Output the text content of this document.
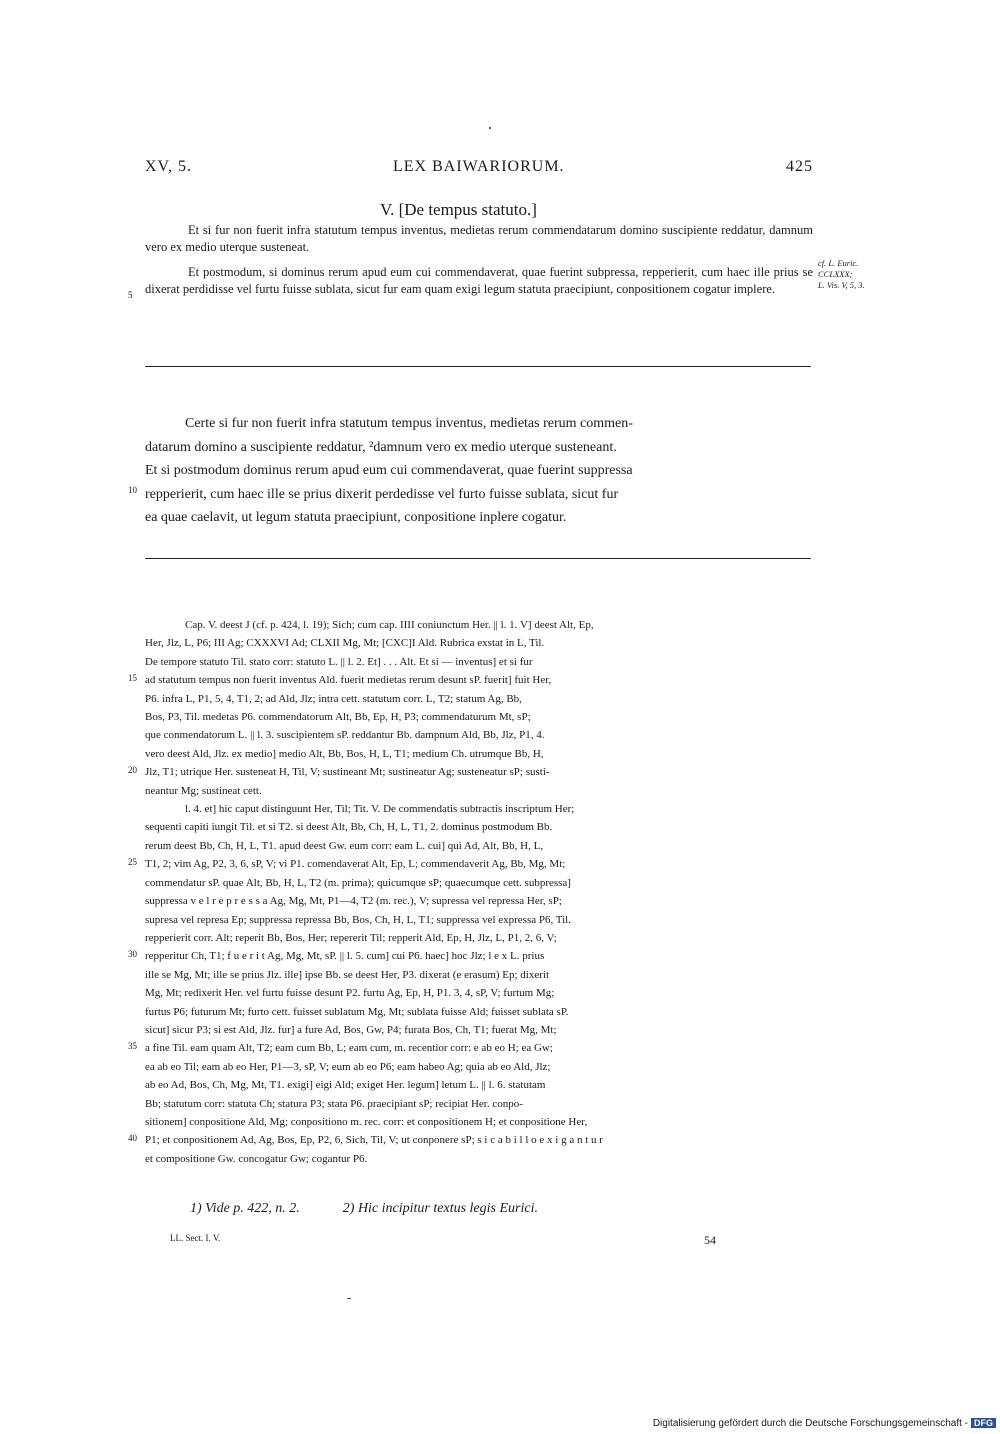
XV, 5.	LEX BAIWARIORUM.	425
V. [De tempus statuto.]
Et si fur non fuerit infra statutum tempus inventus, medietas rerum commendatarum domino suscipiente reddatur, damnum vero ex medio uterque susteneat.
Et postmodum, si dominus rerum apud eum cui commendaverat, quae fuerint subpressa, repperierit, cum haec ille prius se dixerat perdidisse vel furtu fuisse sublata, sicut fur eam quam exigi legum statuta praecipiunt, conpositionem cogatur implere.
5
cf. L. Euric.
CCLXXX;
L. Vis. V, 5, 3.
Certe si fur non fuerit infra statutum tempus inventus, medietas rerum commen-
datarum domino a suscipiente reddatur, ²damnum vero ex medio uterque susteneant.
Et si postmodum dominus rerum apud eum cui commendaverat, quae fuerint suppressa
repperierit, cum haec ille se prius dixerit perdedisse vel furto fuisse sublata, sicut fur
ea quae caelavit, ut legum statuta praecipiunt, conpositione inplere cogatur.
10
Cap. V. deest J (cf. p. 424, l. 19); Sich; cum cap. IIII coniunctum Her. || l. 1. V] deest Alt, Ep,
Her, Jlz, L, P6; III Ag; CXXXVI Ad; CLXII Mg, Mt; [CXC]I Ald. Rubrica exstat in L, Til.
De tempore statuto Til. stato corr: statuto L. || l. 2. Et] . . . Alt. Et si — inventus] et si fur
ad statutum tempus non fuerit inventus Ald. fuerit medietas rerum desunt sP. fuerit] fuit Her,
P6. infra L, P1, 5, 4, T1, 2; ad Ald, Jlz; intra cett. statutum corr. L, T2; statum Ag, Bb,
Bos, P3, Til. medetas P6. commendatorum Alt, Bb, Ep, H, P3; commendaturum Mt, sP;
que conmendatorum L. || l. 3. suscipientem sP. reddantur Bb. dampnum Ald, Bb, Jlz, P1, 4.
vero deest Ald, Jlz. ex medio] medio Alt, Bb, Bos, H, L, T1; medium Ch. utrumque Bb, H,
Jlz, T1; utrique Her. susteneat H, Til, V; sustineant Mt; sustineatur Ag; susteneatur sP; susti-
neantur Mg; sustineat cett.
l. 4. et] hic caput distinguunt Her, Til; Tit. V. De commendatis subtractis inscriptum Her;
sequenti capiti iungit Til. et si T2. si deest Alt, Bb, Ch, H, L, T1, 2. dominus postmodum Bb.
rerum deest Bb, Ch, H, L, T1. apud deest Gw. eum corr: eam L. cui] qui Ad, Alt, Bb, H, L,
T1, 2; vim Ag, P2, 3, 6, sP, V; vi P1. comendaverat Alt, Ep, L; commendaverit Ag, Bb, Mg, Mt;
commendatur sP. quae Alt, Bb, H, L, T2 (m. prima); quicumque sP; quaecumque cett. subpressa]
suppressa v e l r e p r e s s a Ag, Mg, Mt, P1—4, T2 (m. rec.), V; supressa vel repressa Her, sP;
supresa vel represa Ep; suppressa repressa Bb, Bos, Ch, H, L, T1; suppressa vel expressa P6, Til.
repperierit corr. Alt; reperit Bb, Bos, Her; repererit Til; repperit Ald, Ep, H, Jlz, L, P1, 2, 6, V;
repperitur Ch, T1; f u e r i t Ag, Mg, Mt, sP. || l. 5. cum] cui P6. haec] hoc Jlz; l e x L. prius
ille se Mg, Mt; ille se prius Jlz. ille] ipse Bb. se deest Her, P3. dixerat (e erasum) Ep; dixerit
Mg, Mt; redixerit Her. vel furtu fuisse desunt P2. furtu Ag, Ep, H, P1. 3, 4, sP, V; furtum Mg;
furtus P6; futurum Mt; furto cett. fuisset sublatum Mg, Mt; sublata fuisse Ald; fuisset sublata sP.
sicut] sicur P3; si est Ald, Jlz. fur] a fure Ad, Bos, Gw, P4; furata Bos, Ch, T1; fuerat Mg, Mt;
a fine Til. eam quam Alt, T2; eam cum Bb, L; eam cum, m. recentior corr: e ab eo H; ea Gw;
ea ab eo Til; eam ab eo Her, P1—3, sP, V; eum ab eo P6; eam habeo Ag; quia ab eo Ald, Jlz;
ab eo Ad, Bos, Ch, Mg, Mt, T1. exigi] eigi Ald; exiget Her. legum] letum L. || l. 6. statutam
Bb; statutum corr: statuta Ch; statura P3; stata P6. praecipiant sP; recipiat Her. conpo-
sitionem] conpositione Ald, Mg; conpositiono m. rec. corr: et conpositionem H; et conpositione Her,
P1; et conpositionem Ad, Ag, Bos, Ep, P2, 6, Sich, Til, V; ut conponere sP; s i c a b i l l o e x i g a n t u r
et compositione Gw. concogatur Gw; cogantur P6.
15
20
25
30
35
40
1) Vide p. 422, n. 2.	2) Hic incipitur textus legis Eurici.
LL. Sect. I. V.	54
Digitalisierung gefördert durch die Deutsche Forschungsgemeinschaft - DFG
